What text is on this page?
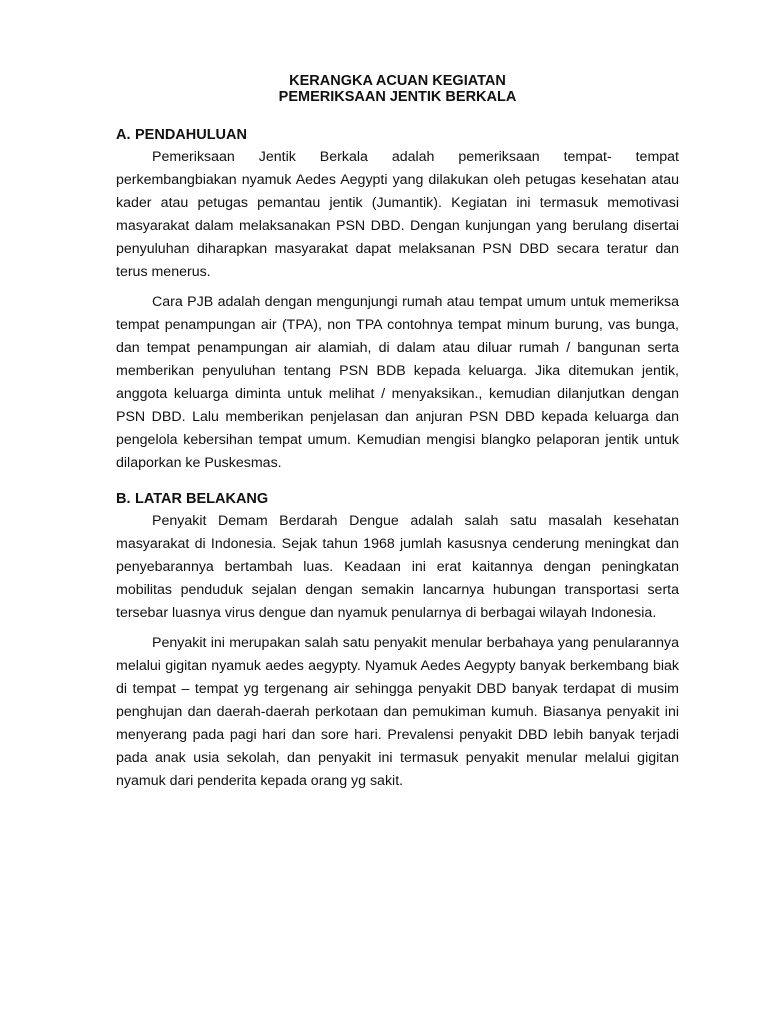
KERANGKA ACUAN KEGIATAN
PEMERIKSAAN JENTIK BERKALA
A. PENDAHULUAN

Pemeriksaan Jentik Berkala adalah pemeriksaan tempat- tempat perkembangbiakan nyamuk Aedes Aegypti yang dilakukan oleh petugas kesehatan atau kader atau petugas pemantau jentik (Jumantik). Kegiatan ini termasuk memotivasi masyarakat dalam melaksanakan PSN DBD. Dengan kunjungan yang berulang disertai penyuluhan diharapkan masyarakat dapat melaksanan PSN DBD secara teratur dan terus menerus.

Cara PJB adalah dengan mengunjungi rumah atau tempat umum untuk memeriksa tempat penampungan air (TPA), non TPA contohnya tempat minum burung, vas bunga, dan tempat penampungan air alamiah, di dalam atau diluar rumah / bangunan serta memberikan penyuluhan tentang PSN BDB kepada keluarga. Jika ditemukan jentik, anggota keluarga diminta untuk melihat / menyaksikan., kemudian dilanjutkan dengan PSN DBD. Lalu memberikan penjelasan dan anjuran PSN DBD kepada keluarga dan pengelola kebersihan tempat umum. Kemudian mengisi blangko pelaporan jentik untuk dilaporkan ke Puskesmas.

B. LATAR BELAKANG

Penyakit Demam Berdarah Dengue adalah salah satu masalah kesehatan masyarakat di Indonesia. Sejak tahun 1968 jumlah kasusnya cenderung meningkat dan penyebarannya bertambah luas. Keadaan ini erat kaitannya dengan peningkatan mobilitas penduduk sejalan dengan semakin lancarnya hubungan transportasi serta tersebar luasnya virus dengue dan nyamuk penularnya di berbagai wilayah Indonesia.

Penyakit ini merupakan salah satu penyakit menular berbahaya yang penularannya melalui gigitan nyamuk aedes aegypty. Nyamuk Aedes Aegypty banyak berkembang biak di tempat – tempat yg tergenang air sehingga penyakit DBD banyak terdapat di musim penghujan dan daerah-daerah perkotaan dan pemukiman kumuh. Biasanya penyakit ini menyerang pada pagi hari dan sore hari. Prevalensi penyakit DBD lebih banyak terjadi pada anak usia sekolah, dan penyakit ini termasuk penyakit menular melalui gigitan nyamuk dari penderita kepada orang yg sakit.
